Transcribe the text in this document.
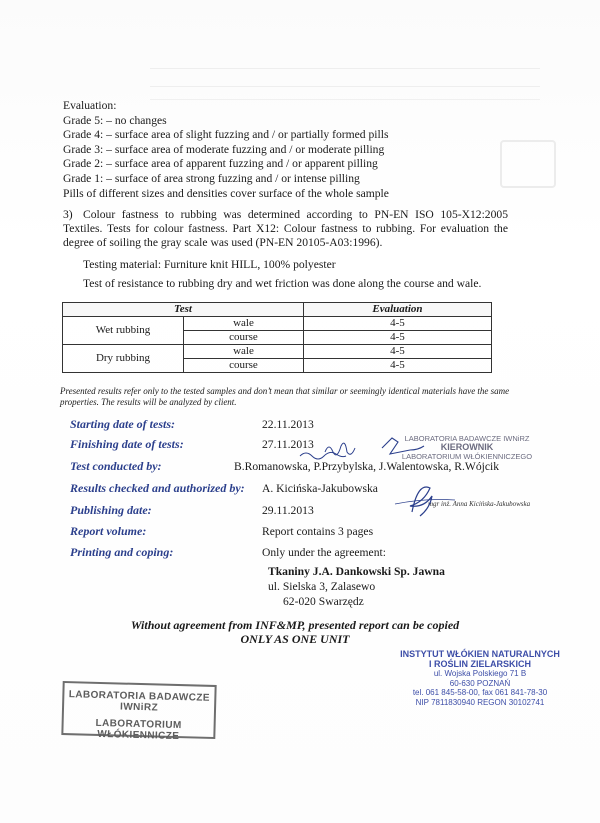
Evaluation:
Grade 5: – no changes
Grade 4: – surface area of slight fuzzing and / or partially formed pills
Grade 3: – surface area of moderate fuzzing and / or moderate pilling
Grade 2: – surface area of apparent fuzzing and / or apparent pilling
Grade 1: – surface of area strong fuzzing and / or intense pilling
Pills of different sizes and densities cover surface of the whole sample
3) Colour fastness to rubbing was determined according to PN-EN ISO 105-X12:2005 Textiles. Tests for colour fastness. Part X12: Colour fastness to rubbing. For evaluation the degree of soiling the gray scale was used (PN-EN 20105-A03:1996).
Testing material: Furniture knit HILL, 100% polyester
Test of resistance to rubbing dry and wet friction was done along the course and wale.
Test		Evaluation
Wet rubbing	wale	4-5
	course	4-5
Dry rubbing	wale	4-5
	course	4-5
Presented results refer only to the tested samples and don’t mean that similar or seemingly identical materials have the same properties. The results will be analyzed by client.
Starting date of tests:	22.11.2013
Finishing date of tests:	27.11.2013
Test conducted by:	B.Romanowska, P.Przybylska, J.Walentowska, R.Wójcik
Results checked and authorized by: A. Kicińska-Jakubowska
Publishing date:	29.11.2013
Report volume:	Report contains 3 pages
Printing and coping:	Only under the agreement:
Tkaniny J.A. Dankowski Sp. Jawna
ul. Sielska 3, Zalasewo
62-020 Swarzędz
Without agreement from INF&MP, presented report can be copied
ONLY AS ONE UNIT
LABORATORIA BADAWCZE IWNiRZ
KIEROWNIK
LABORATORIUM WŁÓKIENNICZEGO
mgr inż. Anna Kicińska-Jakubowska
LABORATORIA BADAWCZE IWNiRZ
LABORATORIUM WŁÓKIENNICZE
INSTYTUT WŁÓKIEN NATURALNYCH
I ROŚLIN ZIELARSKICH
ul. Wojska Polskiego 71 B
60-630 POZNAŃ
tel. 061 845-58-00, fax 061 841-78-30
NIP 7811830940 REGON 30102741
